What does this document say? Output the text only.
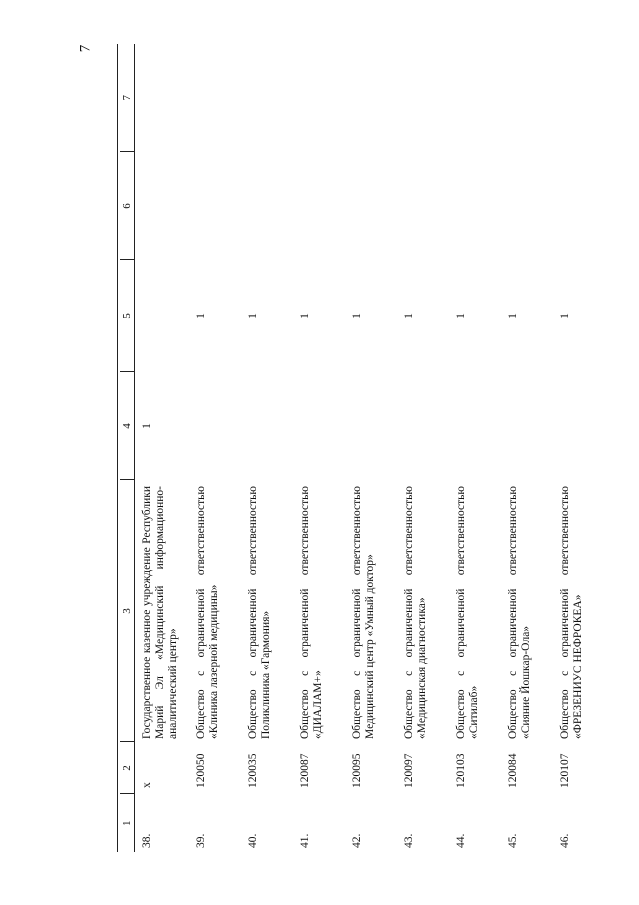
7

1	2	3	4	5	6	7
38.	х	Государственное казенное учреждение Республики Марий Эл «Медицинский информационно-аналитический центр»	1			
39.	120050	Общество с ограниченной ответственностью «Клиника лазерной медицины»		1		
40.	120035	Общество с ограниченной ответственностью Поликлиника «Гармония»		1		
41.	120087	Общество с ограниченной ответственностью «ДИАЛАМ+»		1		
42.	120095	Общество с ограниченной ответственностью Медицинский центр «Умный доктор»		1		
43.	120097	Общество с ограниченной ответственностью «Медицинская диагностика»		1		
44.	120103	Общество с ограниченной ответственностью «Ситилаб»		1		
45.	120084	Общество с ограниченной ответственностью «Сияние Йошкар-Ола»		1		
46.	120107	Общество с ограниченной ответственностью «ФРЕЗЕНИУС НЕФРОКЕА»		1		
